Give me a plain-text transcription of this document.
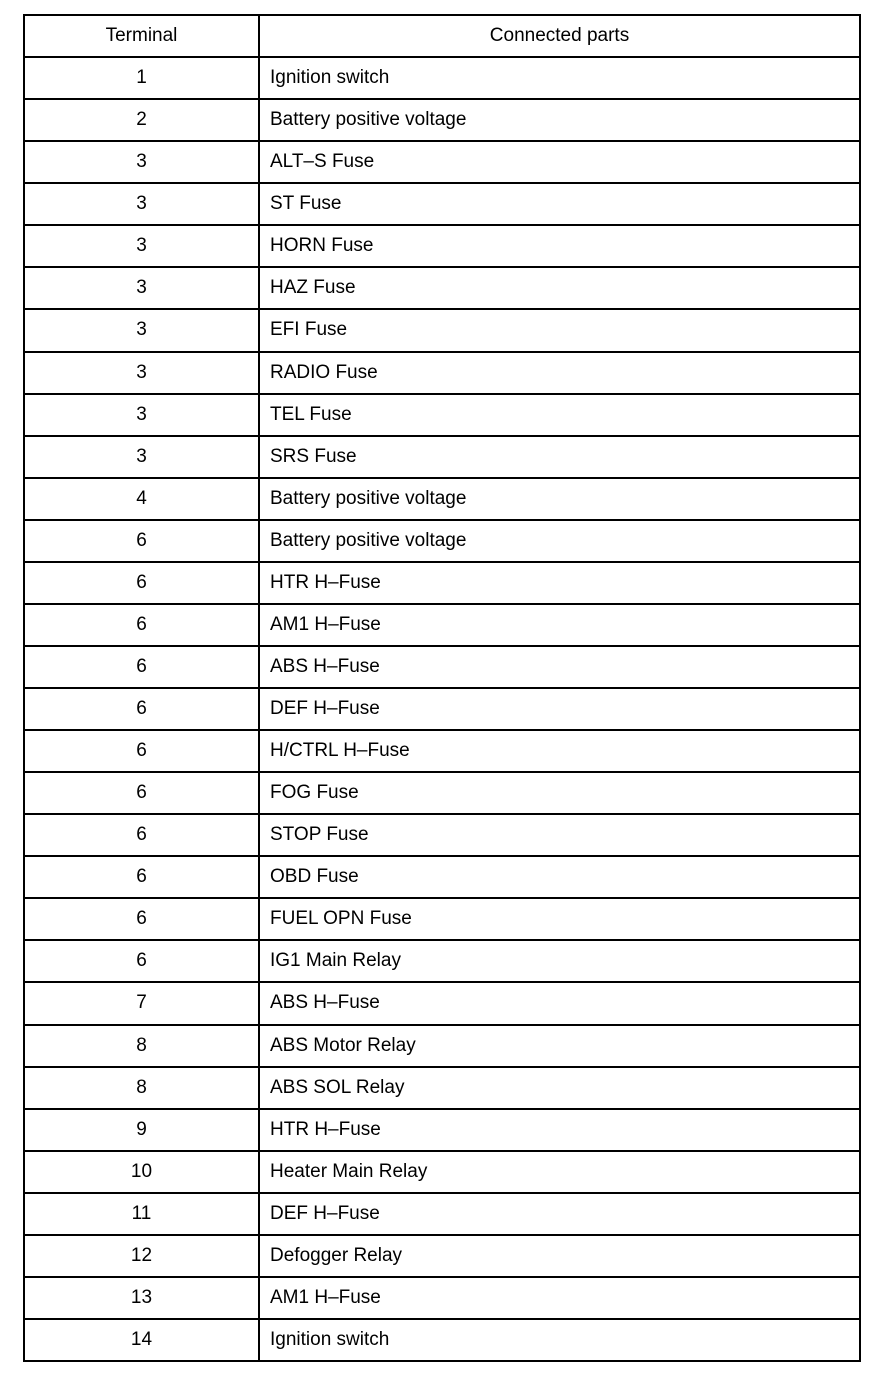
Terminal	Connected parts
1	Ignition switch
2	Battery positive voltage
3	ALT–S Fuse
3	ST Fuse
3	HORN Fuse
3	HAZ Fuse
3	EFI Fuse
3	RADIO Fuse
3	TEL Fuse
3	SRS Fuse
4	Battery positive voltage
6	Battery positive voltage
6	HTR H–Fuse
6	AM1 H–Fuse
6	ABS H–Fuse
6	DEF H–Fuse
6	H/CTRL H–Fuse
6	FOG Fuse
6	STOP Fuse
6	OBD Fuse
6	FUEL OPN Fuse
6	IG1 Main Relay
7	ABS H–Fuse
8	ABS Motor Relay
8	ABS SOL Relay
9	HTR H–Fuse
10	Heater Main Relay
11	DEF H–Fuse
12	Defogger Relay
13	AM1 H–Fuse
14	Ignition switch
